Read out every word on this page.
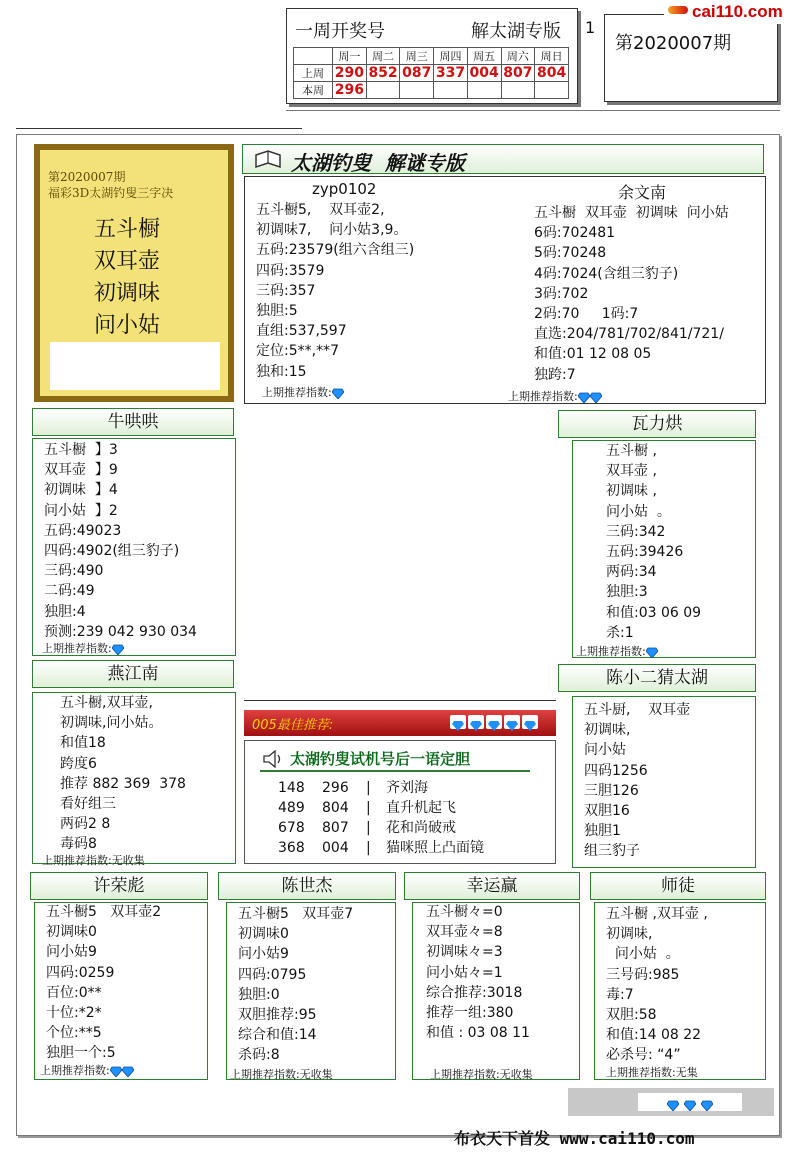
一周开奖号	解太湖专版
	周一	周二	周三	周四	周五	周六	周日
上周	290	852	087	337	004	807	804
本周	296						
1
第2020007期
cai110.com
第2020007期
福彩3D太湖钓叟三字决
五斗橱
双耳壶
初调味
问小姑
太湖钓叟  解谜专版
zyp0102
五斗橱5,    双耳壶2,
初调味7,    问小姑3,9。
五码:23579(组六含组三)
四码:3579
三码:357
独胆:5
直组:537,597
定位:5**,**7
独和:15
上期推荐指数:
余文南
五斗橱  双耳壶  初调味  问小姑
6码:702481
5码:70248
4码:7024(含组三豹子)
3码:702
2码:70     1码:7
直选:204/781/702/841/721/
和值:01 12 08 05
独跨:7
上期推荐指数:
牛哄哄
五斗橱  】3
双耳壶  】9
初调味  】4
问小姑  】2
五码:49023
四码:4902(组三豹子)
三码:490
二码:49
独胆:4
预测:239 042 930 034
上期推荐指数:
瓦力烘
五斗橱 ,
双耳壶 ,
初调味 ,
问小姑  。
三码:342
五码:39426
两码:34
独胆:3
和值:03 06 09
杀:1
上期推荐指数:
燕江南
五斗橱,双耳壶,
初调味,问小姑。
和值18
跨度6
推荐 882 369  378
看好组三
两码2 8
毒码8
上期推荐指数:无收集
陈小二猜太湖
五斗厨,    双耳壶
初调味,
问小姑
四码1256
三胆126
双胆16
独胆1
组三豹子
005最佳推荐:
太湖钓叟试机号后一语定胆
148 296 | 齐刘海
489 804 | 直升机起飞
678 807 | 花和尚破戒
368 004 | 猫咪照上凸面镜
许荣彪
五斗橱5   双耳壶2
初调味0
问小姑9
四码:0259
百位:0**
十位:*2*
个位:**5
独胆一个:5
上期推荐指数:
陈世杰
五斗橱5   双耳壶7
初调味0
问小姑9
四码:0795
独胆:0
双胆推荐:95
综合和值:14
杀码:8
上期推荐指数:无收集
幸运赢
五斗橱々=0
双耳壶々=8
初调味々=3
问小姑々=1
综合推荐:3018
推荐一组:380
和值 : 03 08 11
上期推荐指数:无收集
师徒
五斗橱 ,双耳壶 ,
初调味,
问小姑  。
三号码:985
毒:7
双胆:58
和值:14 08 22
必杀号: “4”
上期推荐指数:无集

布衣天下首发 www.cai110.com
